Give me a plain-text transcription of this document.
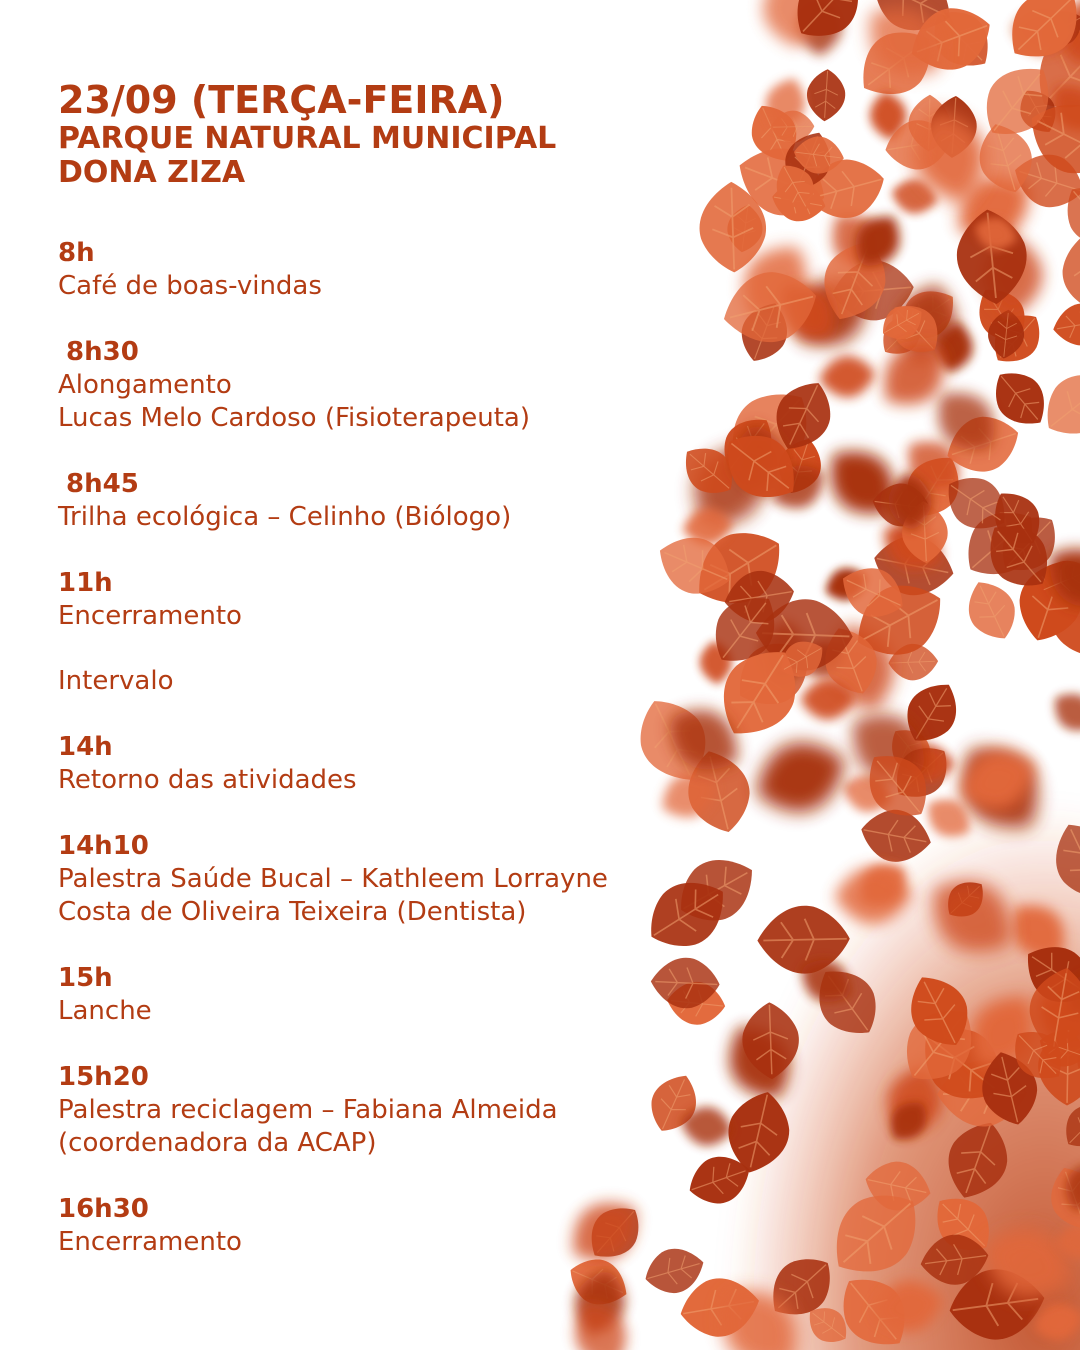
23/09 (TERÇA-FEIRA)
PARQUE NATURAL MUNICIPAL
DONA ZIZA
8h
Café de boas-vindas
8h30
Alongamento
Lucas Melo Cardoso (Fisioterapeuta)
8h45
Trilha ecológica – Celinho (Biólogo)
11h
Encerramento
Intervalo
14h
Retorno das atividades
14h10
Palestra Saúde Bucal – Kathleem Lorrayne
Costa de Oliveira Teixeira (Dentista)
15h
Lanche
15h20
Palestra reciclagem – Fabiana Almeida
(coordenadora da ACAP)
16h30
Encerramento
